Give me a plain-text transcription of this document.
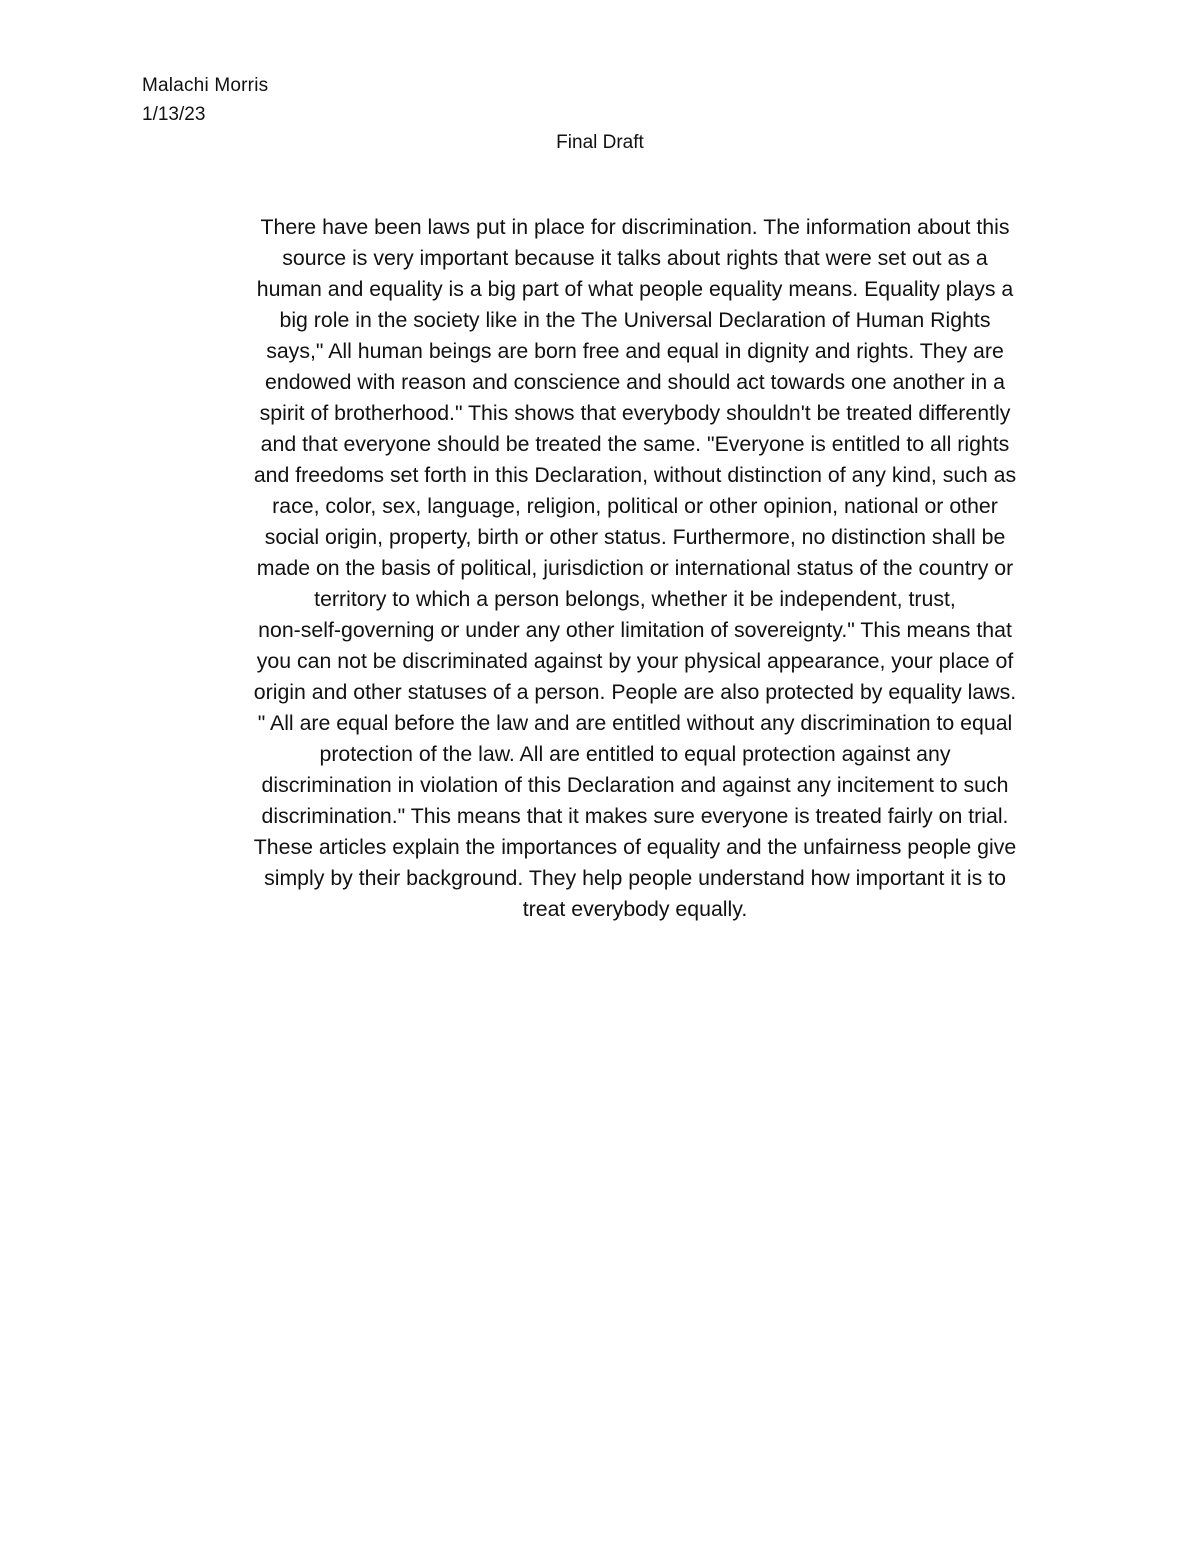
Malachi Morris
1/13/23
Final Draft
There have been laws put in place for discrimination. The information about this
source is very important because it talks about rights that were set out as a
human and equality is a big part of what people equality means. Equality plays a
big role in the society like in the The Universal Declaration of Human Rights
says," All human beings are born free and equal in dignity and rights. They are
endowed with reason and conscience and should act towards one another in a
spirit of brotherhood." This shows that everybody shouldn't be treated differently
and that everyone should be treated the same. "Everyone is entitled to all rights
and freedoms set forth in this Declaration, without distinction of any kind, such as
race, color, sex, language, religion, political or other opinion, national or other
social origin, property, birth or other status. Furthermore, no distinction shall be
made on the basis of political, jurisdiction or international status of the country or
territory to which a person belongs, whether it be independent, trust,
non-self-governing or under any other limitation of sovereignty." This means that
you can not be discriminated against by your physical appearance, your place of
origin and other statuses of a person. People are also protected by equality laws.
" All are equal before the law and are entitled without any discrimination to equal
protection of the law. All are entitled to equal protection against any
discrimination in violation of this Declaration and against any incitement to such
discrimination." This means that it makes sure everyone is treated fairly on trial.
These articles explain the importances of equality and the unfairness people give
simply by their background. They help people understand how important it is to
treat everybody equally.
